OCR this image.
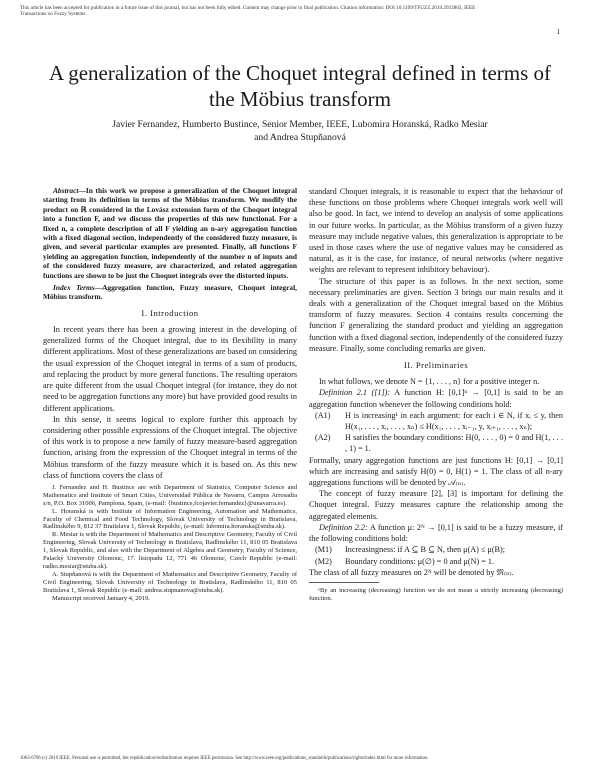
This article has been accepted for publication in a future issue of this journal, but has not been fully edited. Content may change prior to final publication. Citation information: DOI 10.1109/TFUZZ.2019.2933803, IEEE
Transactions on Fuzzy Systems
1
A generalization of the Choquet integral defined in terms of the Möbius transform
Javier Fernandez, Humberto Bustince, Senior Member, IEEE, Lubomira Horanská, Radko Mesiar
and Andrea Stupňanová

Abstract—In this work we propose a generalization of the Choquet integral starting from its definition in terms of the Möbius transform. We modify the product on ℝ considered in the Lovász extension form of the Choquet integral into a function F, and we discuss the properties of this new functional. For a fixed n, a complete description of all F yielding an n-ary aggregation function with a fixed diagonal section, independently of the considered fuzzy measure, is given, and several particular examples are presented. Finally, all functions F yielding an aggregation function, independently of the number n of inputs and of the considered fuzzy measure, are characterized, and related aggregation functions are shown to be just the Choquet integrals over the distorted inputs.

Index Terms—Aggregation function, Fuzzy measure, Choquet integral, Möbius transform.

I. Introduction

In recent years there has been a growing interest in the developing of generalized forms of the Choquet integral, due to its flexibility in many different applications. Most of these generalizations are based on considering the usual expression of the Choquet integral in terms of a sum of products, and replacing the product by more general functions. The resulting operators are quite different from the usual Choquet integral (for instance, they do not need to be aggregation functions any more) but have provided good results in different applications.

In this sense, it seems logical to explore further this approach by considering other possible expressions of the Choquet integral. The objective of this work is to propose a new family of fuzzy measure-based aggregation function, arising from the expression of the Choquet integral in terms of the Möbius transform of the fuzzy measure which it is based on. As this new class of functions covers the class of

J. Fernandez and H. Bustince are with Department of Statistics, Computer Science and Mathematics and Institute of Smart Cities, Universidad Pública de Navarra, Campus Arrosadia s/n, P.O. Box 31006, Pamplona, Spain, (e-mail: {bustince,fcojavier.fernandez}@unavarra.es).

L. Horanská is with Institute of Information Engineering, Automation and Mathematics, Faculty of Chemical and Food Technology, Slovak University of Technology in Bratislava, Radlinského 9, 812 37 Bratislava 1, Slovak Republic, (e-mail: lubomira.horanska@stuba.sk).

R. Mesiar is with the Department of Mathematics and Descriptive Geometry, Faculty of Civil Engineering, Slovak University of Technology in Bratislava, Radlinského 11, 810 05 Bratislava 1, Slovak Republic, and also with the Department of Algebra and Geometry, Faculty of Science, Palacký University Olomouc, 17. listopadu 12, 771 46 Olomouc, Czech Republic (e-mail: radko.mesiar@stuba.sk).

A. Stupňanová is with the Department of Mathematics and Descriptive Geometry, Faculty of Civil Engineering, Slovak University of Technology in Bratislava, Radlinského 11, 810 05 Bratislava 1, Slovak Republic (e-mail: andrea.stupnanova@stuba.sk).

Manuscript received January 4, 2019.

standard Choquet integrals, it is reasonable to expect that the behaviour of these functions on those problems where Choquet integrals work well will also be good. In fact, we intend to develop an analysis of some applications in our future works. In particular, as the Möbius transform of a given fuzzy measure may include negative values, this generalization is appropriate to be used in those cases where the use of negative values may be considered as natural, as it is the case, for instance, of neural networks (where negative weights are relevant to represent inhibitory behaviour).

The structure of this paper is as follows. In the next section, some necessary preliminaries are given. Section 3 brings our main results and it deals with a generalization of the Choquet integral based on the Möbius transform of fuzzy measures. Section 4 contains results concerning the function F generalizing the standard product and yielding an aggregation function with a fixed diagonal section, independently of the considered fuzzy measure. Finally, some concluding remarks are given.

II. Preliminaries

In what follows, we denote N = {1, . . . , n} for a positive integer n.

Definition 2.1 ([1]): A function H: [0,1]ⁿ → [0,1] is said to be an aggregation function whenever the following conditions hold:

(A1)	H is increasing¹ in each argument: for each i ∈ N, if xᵢ ≤ y, then H(x₁, . . . , xᵢ, . . . , xₙ) ≤ H(x₁, . . . , xᵢ₋₁, y, xᵢ₊₁, . . . , xₙ);
(A2)	H satisfies the boundary conditions: H(0, . . . , 0) = 0 and H(1, . . . , 1) = 1.

Formally, unary aggregation functions are just functions H: [0,1] → [0,1] which are increasing and satisfy H(0) = 0, H(1) = 1. The class of all n-ary aggregations functions will be denoted by 𝒜₍ₙ₎.

The concept of fuzzy measure [2], [3] is important for defining the Choquet integral. Fuzzy measures capture the relationship among the aggregated elements.

Definition 2.2: A function μ: 2ᴺ → [0,1] is said to be a fuzzy measure, if the following conditions hold:

(M1)	Increasingness: if A ⊆ B ⊆ N, then μ(A) ≤ μ(B);
(M2)	Boundary conditions: μ(∅) = 0 and μ(N) = 1.

The class of all fuzzy measures on 2ᴺ will be denoted by 𝔐₍ₙ₎.

¹By an increasing (decreasing) function we do not mean a strictly increasing (decreasing) function.

1063-6706 (c) 2019 IEEE. Personal use is permitted, but republication/redistribution requires IEEE permission. See http://www.ieee.org/publications_standards/publications/rights/index.html for more information.
